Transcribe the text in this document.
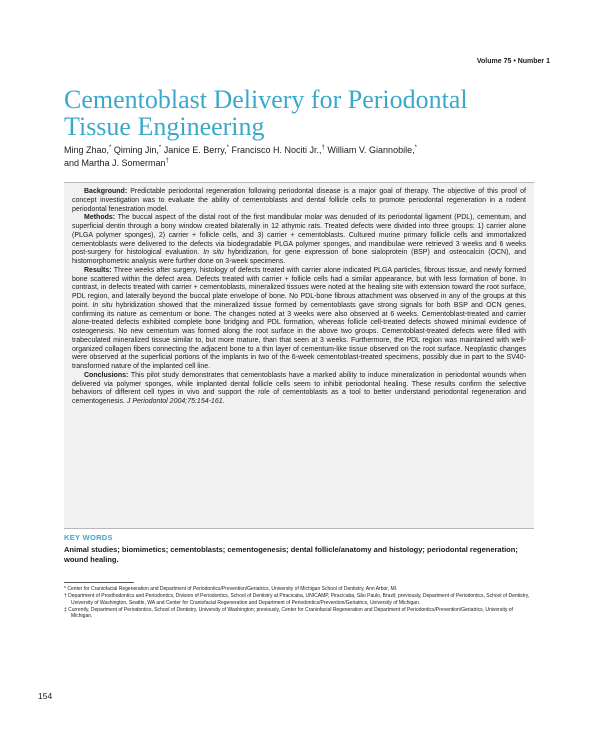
Volume 75 • Number 1
Cementoblast Delivery for Periodontal Tissue Engineering
Ming Zhao,* Qiming Jin,* Janice E. Berry,* Francisco H. Nociti Jr.,† William V. Giannobile,*
and Martha J. Somerman†

Background: Predictable periodontal regeneration following periodontal disease is a major goal of therapy. The objective of this proof of concept investigation was to evaluate the ability of cementoblasts and dental follicle cells to promote periodontal regeneration in a rodent periodontal fenestration model.

Methods: The buccal aspect of the distal root of the first mandibular molar was denuded of its periodontal ligament (PDL), cementum, and superficial dentin through a bony window created bilaterally in 12 athymic rats. Treated defects were divided into three groups: 1) carrier alone (PLGA polymer sponges), 2) carrier + follicle cells, and 3) carrier + cementoblasts. Cultured murine primary follicle cells and immortalized cementoblasts were delivered to the defects via biodegradable PLGA polymer sponges, and mandibulae were retrieved 3 weeks and 6 weeks post-surgery for histological evaluation. In situ hybridization, for gene expression of bone sialoprotein (BSP) and osteocalcin (OCN), and histomorphometric analysis were further done on 3-week specimens.

Results: Three weeks after surgery, histology of defects treated with carrier alone indicated PLGA particles, fibrous tissue, and newly formed bone scattered within the defect area. Defects treated with carrier + follicle cells had a similar appearance, but with less formation of bone. In contrast, in defects treated with carrier + cementoblasts, mineralized tissues were noted at the healing site with extension toward the root surface, PDL region, and laterally beyond the buccal plate envelope of bone. No PDL-bone fibrous attachment was observed in any of the groups at this point. In situ hybridization showed that the mineralized tissue formed by cementoblasts gave strong signals for both BSP and OCN genes, confirming its nature as cementum or bone. The changes noted at 3 weeks were also observed at 6 weeks. Cementoblast-treated and carrier alone-treated defects exhibited complete bone bridging and PDL formation, whereas follicle cell-treated defects showed minimal evidence of osteogenesis. No new cementum was formed along the root surface in the above two groups. Cementoblast-treated defects were filled with trabeculated mineralized tissue similar to, but more mature, than that seen at 3 weeks. Furthermore, the PDL region was maintained with well-organized collagen fibers connecting the adjacent bone to a thin layer of cementum-like tissue observed on the root surface. Neoplastic changes were observed at the superficial portions of the implants in two of the 6-week cementoblast-treated specimens, possibly due in part to the SV40-transformed nature of the implanted cell line.

Conclusions: This pilot study demonstrates that cementoblasts have a marked ability to induce mineralization in periodontal wounds when delivered via polymer sponges, while implanted dental follicle cells seem to inhibit periodontal healing. These results confirm the selective behaviors of different cell types in vivo and support the role of cementoblasts as a tool to better understand periodontal regeneration and cementogenesis. J Periodontol 2004;75:154-161.

KEY WORDS
Animal studies; biomimetics; cementoblasts; cementogenesis; dental follicle/anatomy and histology; periodontal regeneration; wound healing.

* Center for Craniofacial Regeneration and Department of Periodontics/Prevention/Geriatrics, University of Michigan School of Dentistry, Ann Arbor, MI.

† Department of Prosthodontics and Periodontics, Division of Periodontics, School of Dentistry at Piracicaba, UNICAMP, Piracicaba, São Paulo, Brazil; previously, Department of Periodontics, School of Dentistry, University of Washington, Seattle, WA and Center for Craniofacial Regeneration and Department of Periodontics/Prevention/Geriatrics, University of Michigan.

‡ Currently, Department of Periodontics, School of Dentistry, University of Washington; previously, Center for Craniofacial Regeneration and Department of Periodontics/Prevention/Geriatrics, University of Michigan.

154
